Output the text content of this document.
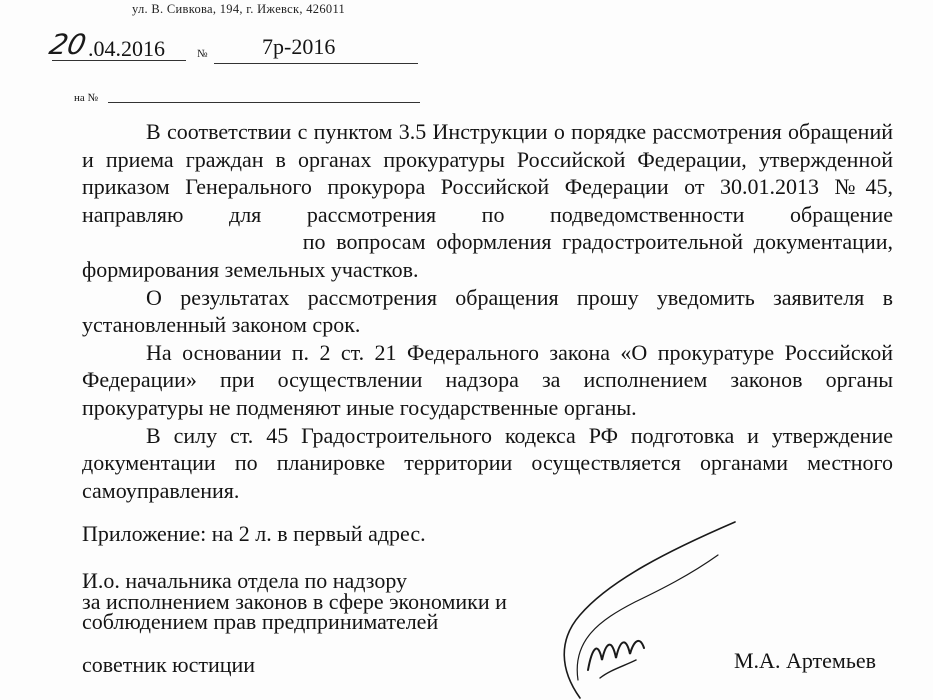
ул. В. Сивкова, 194, г. Ижевск, 426011
20
.04.2016	№ 7р-2016
на №

В соответствии с пунктом 3.5 Инструкции о порядке рассмотрения обращений и приема граждан в органах прокуратуры Российской Федерации, утвержденной приказом Генерального прокурора Российской Федерации от 30.01.2013 №45, направляю для рассмотрения по подведомственности обращение  по вопросам оформления градостроительной документации, формирования земельных участков.

О результатах рассмотрения обращения прошу уведомить заявителя в установленный законом срок.

На основании п. 2 ст. 21 Федерального закона «О прокуратуре Российской Федерации» при осуществлении надзора за исполнением законов органы прокуратуры не подменяют иные государственные органы.

В силу ст. 45 Градостроительного кодекса РФ подготовка и утверждение документации по планировке территории осуществляется органами местного самоуправления.

Приложение: на 2 л. в первый адрес.
И.о. начальника отдела по надзору
за исполнением законов в сфере экономики и
соблюдением прав предпринимателей
советник юстиции	М.А. Артемьев
